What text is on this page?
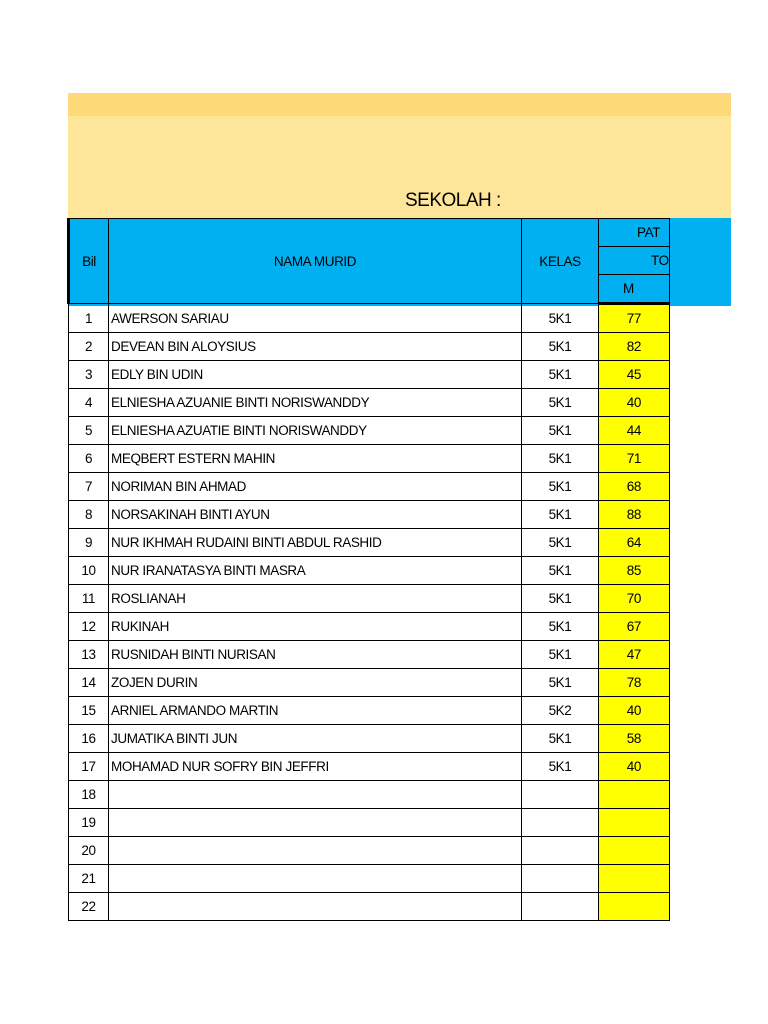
SEKOLAH :
Bil	NAMA MURID	KELAS	PAT

			TO

			M
1	AWERSON SARIAU	5K1	77
2	DEVEAN BIN ALOYSIUS	5K1	82
3	EDLY BIN UDIN	5K1	45
4	ELNIESHA AZUANIE BINTI NORISWANDDY	5K1	40
5	ELNIESHA AZUATIE BINTI NORISWANDDY	5K1	44
6	MEQBERT ESTERN MAHIN	5K1	71
7	NORIMAN BIN AHMAD	5K1	68
8	NORSAKINAH BINTI AYUN	5K1	88
9	NUR IKHMAH RUDAINI BINTI ABDUL RASHID	5K1	64
10	NUR IRANATASYA BINTI MASRA	5K1	85
11	ROSLIANAH	5K1	70
12	RUKINAH	5K1	67
13	RUSNIDAH BINTI NURISAN	5K1	47
14	ZOJEN DURIN	5K1	78
15	ARNIEL ARMANDO MARTIN	5K2	40
16	JUMATIKA BINTI JUN	5K1	58
17	MOHAMAD NUR SOFRY BIN JEFFRI	5K1	40
18			
19			
20			
21			
22			
